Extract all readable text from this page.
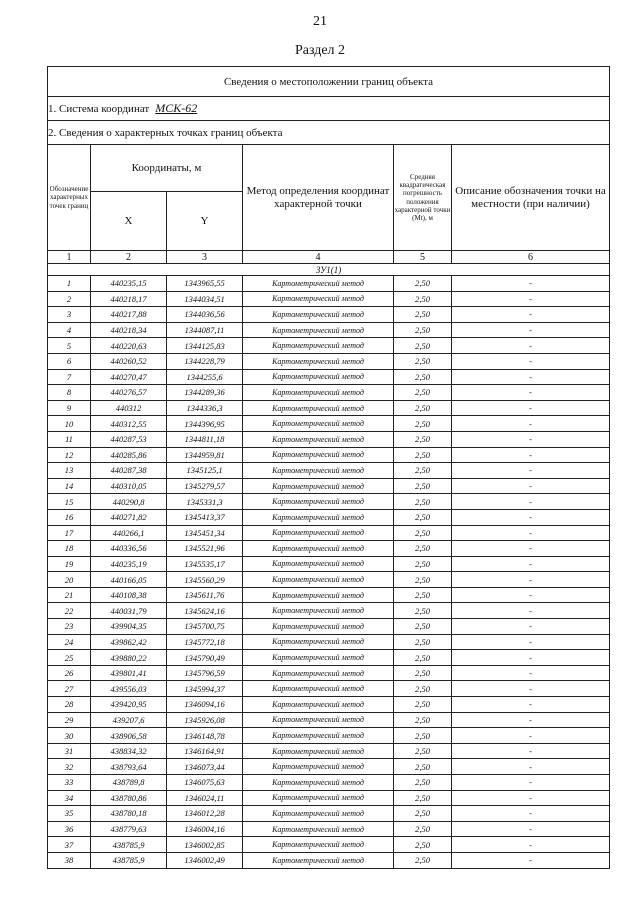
21
Раздел 2
Сведения о местоположении границ объекта					
1. Система координат МСК-62					
2. Сведения о характерных точках границ объекта					
Обозначение характерных точек границ	Координаты, м		Метод определения координат характерной точки	Средняя квадратическая погрешность положения характерной точки (Мt), м	Описание обозначения точки на местности (при наличии)
	X	Y			
1	2	3	4	5	6
ЗУ1(1)					
1	440235,15	1343965,55	Картометрический метод	2,50	-
2	440218,17	1344034,51	Картометрический метод	2,50	-
3	440217,88	1344036,56	Картометрический метод	2,50	-
4	440218,34	1344087,11	Картометрический метод	2,50	-
5	440220,63	1344125,83	Картометрический метод	2,50	-
6	440260,52	1344228,79	Картометрический метод	2,50	-
7	440270,47	1344255,6	Картометрический метод	2,50	-
8	440276,57	1344289,36	Картометрический метод	2,50	-
9	440312	1344336,3	Картометрический метод	2,50	-
10	440312,55	1344396,95	Картометрический метод	2,50	-
11	440287,53	1344811,18	Картометрический метод	2,50	-
12	440285,86	1344959,81	Картометрический метод	2,50	-
13	440287,38	1345125,1	Картометрический метод	2,50	-
14	440310,05	1345279,57	Картометрический метод	2,50	-
15	440290,8	1345331,3	Картометрический метод	2,50	-
16	440271,82	1345413,37	Картометрический метод	2,50	-
17	440266,1	1345451,34	Картометрический метод	2,50	-
18	440336,56	1345521,96	Картометрический метод	2,50	-
19	440235,19	1345535,17	Картометрический метод	2,50	-
20	440166,05	1345560,29	Картометрический метод	2,50	-
21	440108,38	1345611,76	Картометрический метод	2,50	-
22	440031,79	1345624,16	Картометрический метод	2,50	-
23	439904,35	1345700,75	Картометрический метод	2,50	-
24	439862,42	1345772,18	Картометрический метод	2,50	-
25	439880,22	1345790,49	Картометрический метод	2,50	-
26	439801,41	1345796,59	Картометрический метод	2,50	-
27	439556,03	1345994,37	Картометрический метод	2,50	-
28	439420,95	1346094,16	Картометрический метод	2,50	-
29	439207,6	1345926,08	Картометрический метод	2,50	-
30	438906,58	1346148,78	Картометрический метод	2,50	-
31	438834,32	1346164,91	Картометрический метод	2,50	-
32	438793,64	1346073,44	Картометрический метод	2,50	-
33	438789,8	1346075,63	Картометрический метод	2,50	-
34	438780,86	1346024,11	Картометрический метод	2,50	-
35	438780,18	1346012,28	Картометрический метод	2,50	-
36	438779,63	1346004,16	Картометрический метод	2,50	-
37	438785,9	1346002,85	Картометрический метод	2,50	-
38	438785,9	1346002,49	Картометрический метод	2,50	-
